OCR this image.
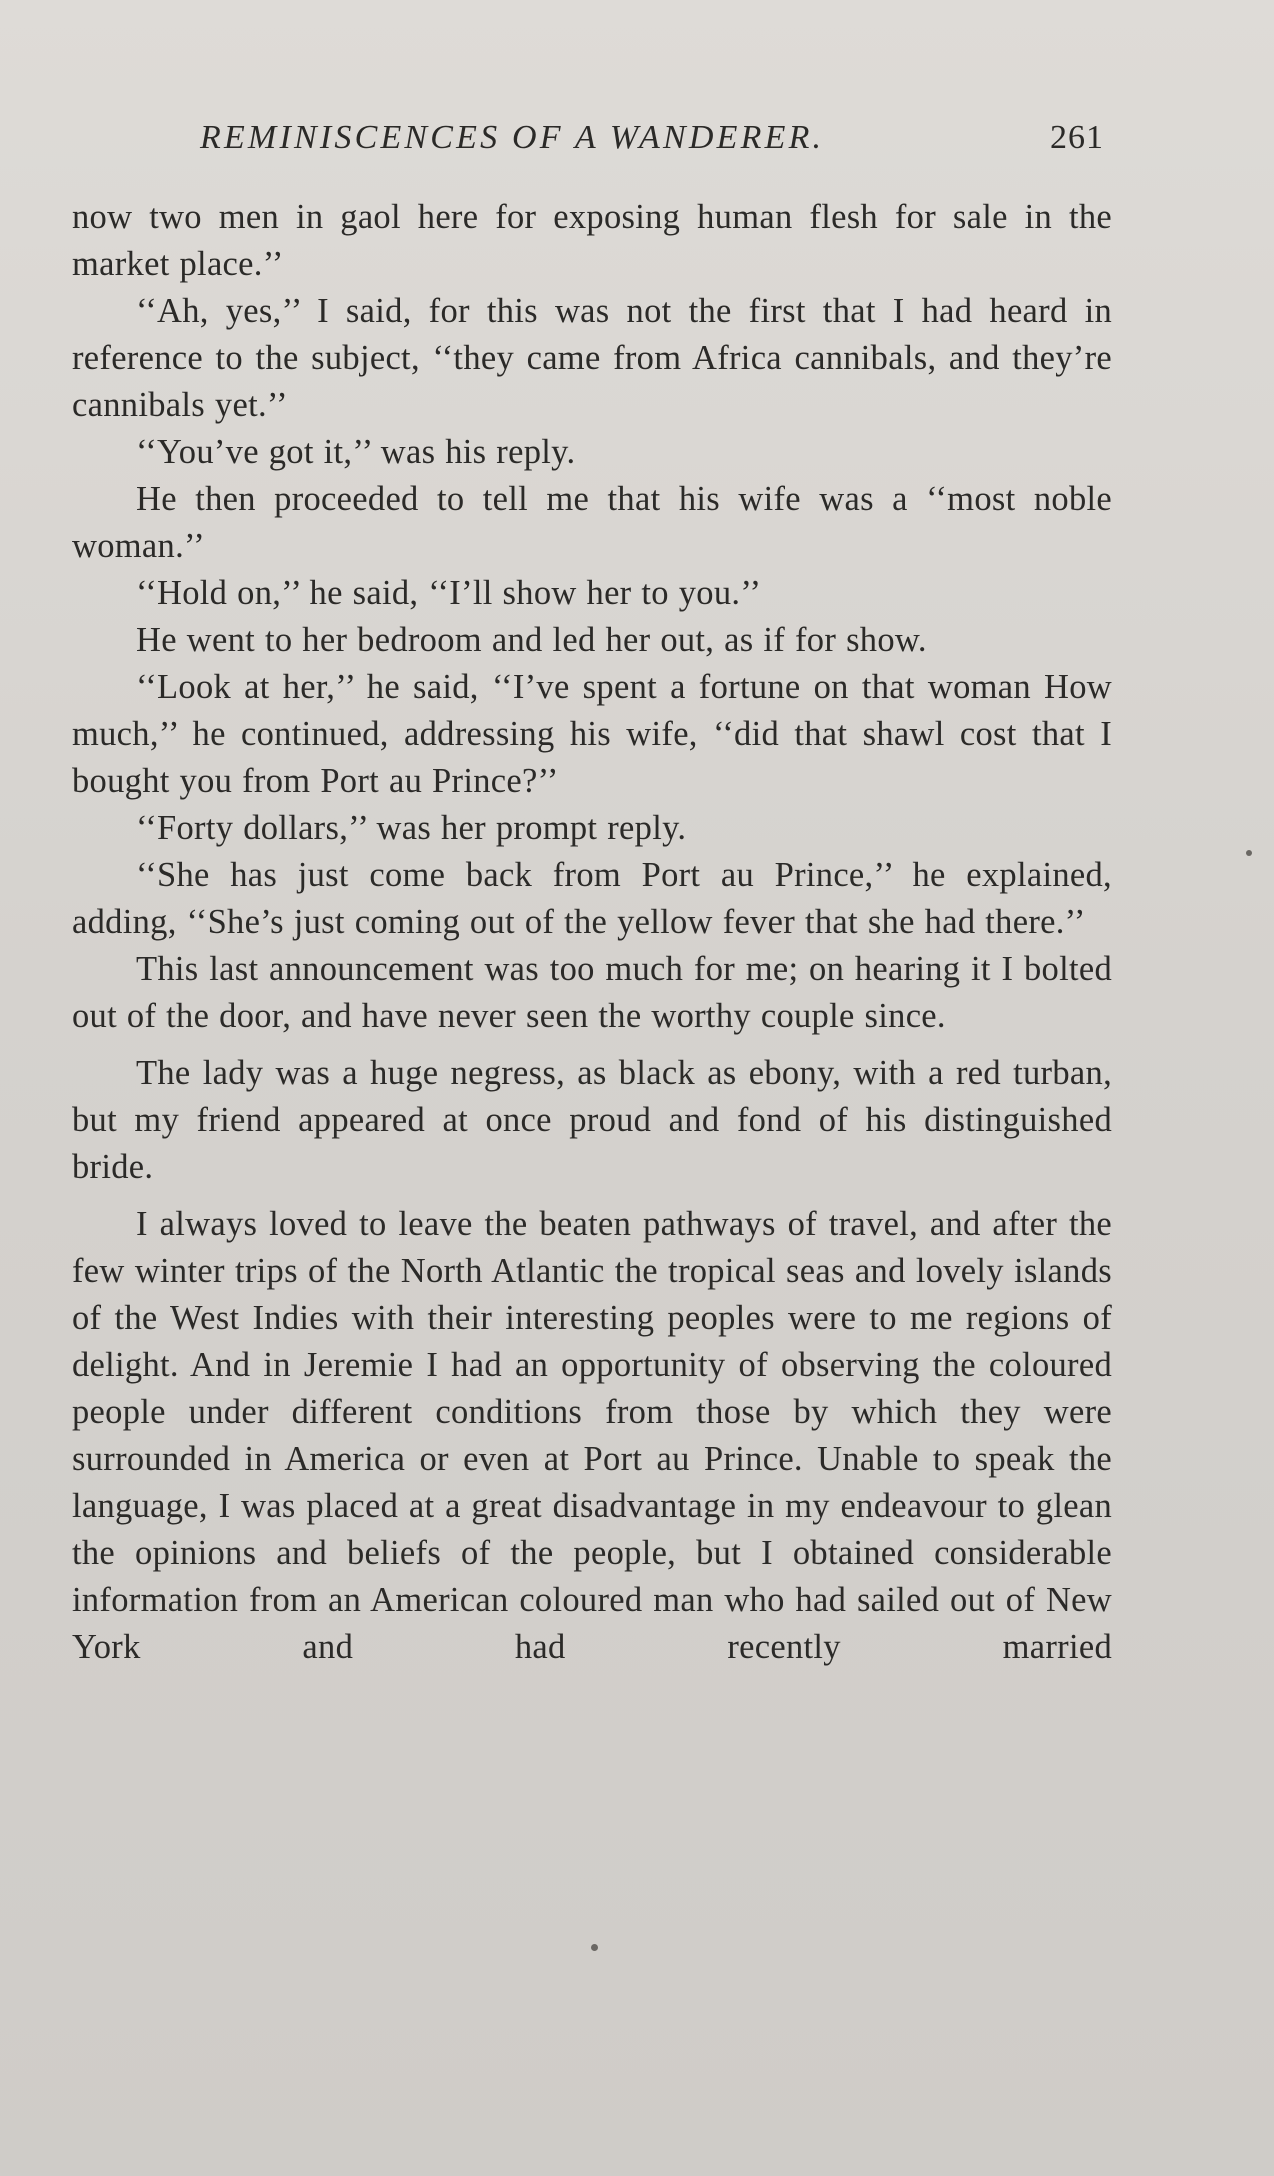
REMINISCENCES OF A WANDERER.	261

now two men in gaol here for exposing human flesh for sale in the market place.’’

‘‘Ah, yes,’’ I said, for this was not the first that I had heard in reference to the subject, ‘‘they came from Africa cannibals, and they’re cannibals yet.’’

‘‘You’ve got it,’’ was his reply.

He then proceeded to tell me that his wife was a ‘‘most noble woman.’’

‘‘Hold on,’’ he said, ‘‘I’ll show her to you.’’

He went to her bedroom and led her out, as if for show.

‘‘Look at her,’’ he said, ‘‘I’ve spent a fortune on that woman How much,’’ he continued, addressing his wife, ‘‘did that shawl cost that I bought you from Port au Prince?’’

‘‘Forty dollars,’’ was her prompt reply.

‘‘She has just come back from Port au Prince,’’ he explained, adding, ‘‘She’s just coming out of the yellow fever that she had there.’’

This last announcement was too much for me; on hearing it I bolted out of the door, and have never seen the worthy couple since.

The lady was a huge negress, as black as ebony, with a red turban, but my friend appeared at once proud and fond of his distinguished bride.

I always loved to leave the beaten pathways of travel, and after the few winter trips of the North Atlantic the tropical seas and lovely islands of the West Indies with their interesting peoples were to me regions of delight. And in Jeremie I had an opportunity of observing the coloured people under different conditions from those by which they were surrounded in America or even at Port au Prince. Unable to speak the language, I was placed at a great disadvantage in my endeavour to glean the opinions and beliefs of the people, but I obtained considerable information from an American coloured man who had sailed out of New York and had recently married
